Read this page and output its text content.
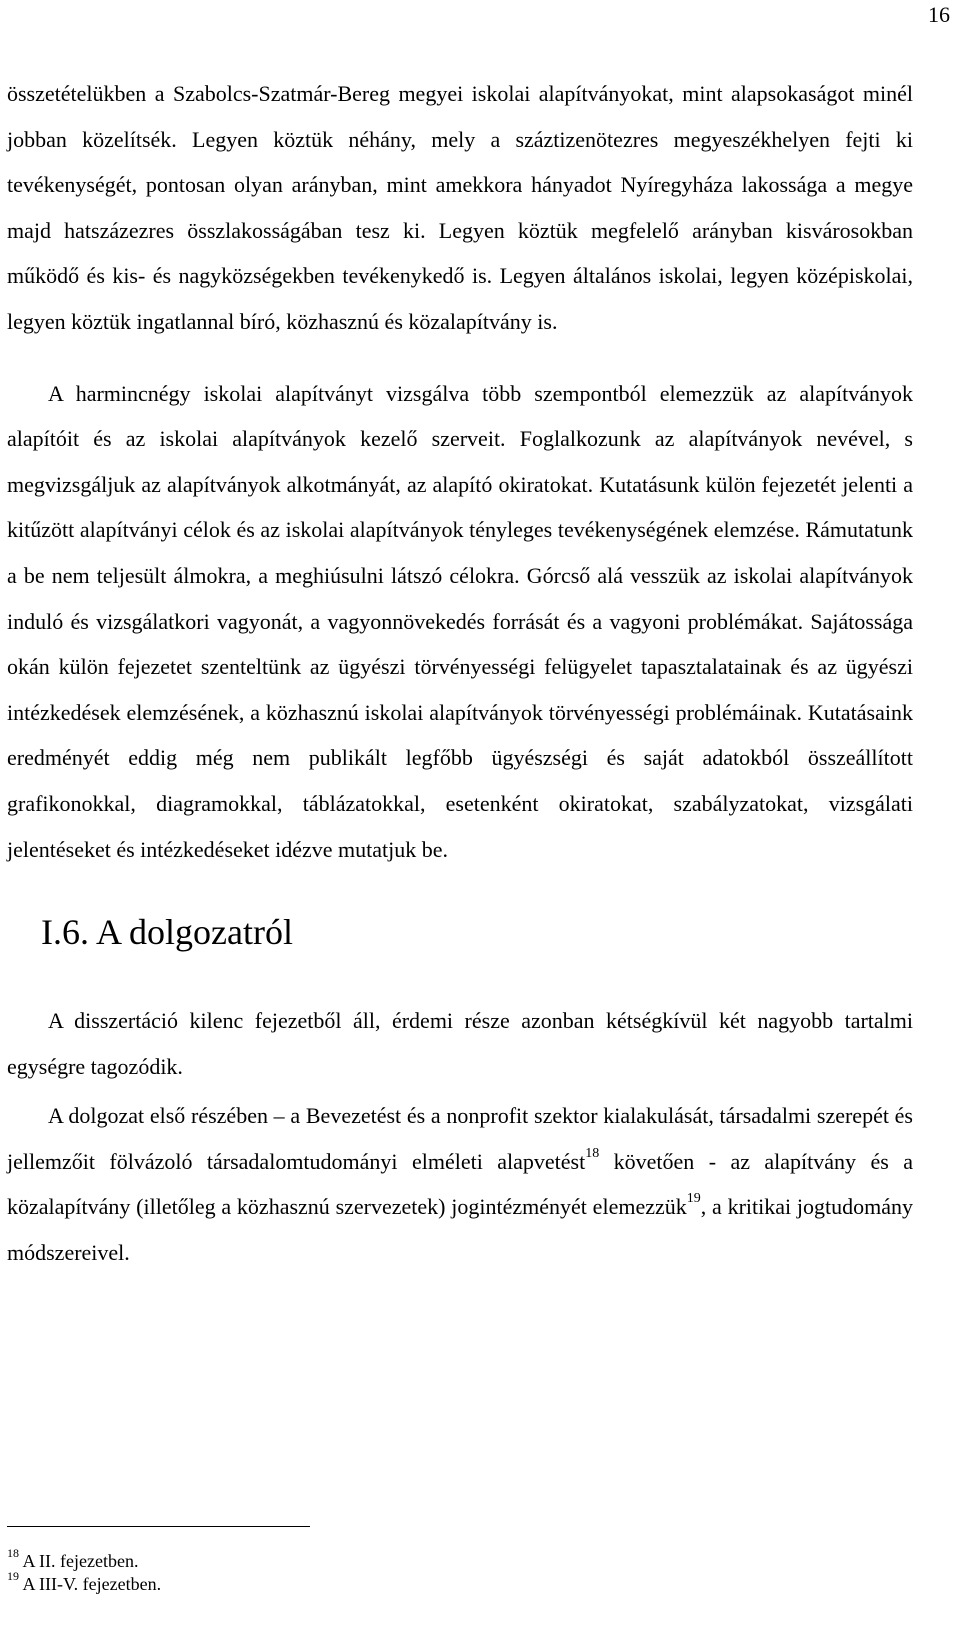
16

összetételükben a Szabolcs-Szatmár-Bereg megyei iskolai alapítványokat, mint alapsokaságot minél jobban közelítsék. Legyen köztük néhány, mely a száztizenötezres megyeszékhelyen fejti ki tevékenységét, pontosan olyan arányban, mint amekkora hányadot Nyíregyháza lakossága a megye majd hatszázezres összlakosságában tesz ki. Legyen köztük megfelelő arányban kisvárosokban működő és kis- és nagyközségekben tevékenykedő is. Legyen általános iskolai, legyen középiskolai, legyen köztük ingatlannal bíró, közhasznú és közalapítvány is.

A harmincnégy iskolai alapítványt vizsgálva több szempontból elemezzük az alapítványok alapítóit és az iskolai alapítványok kezelő szerveit. Foglalkozunk az alapítványok nevével, s megvizsgáljuk az alapítványok alkotmányát, az alapító okiratokat. Kutatásunk külön fejezetét jelenti a kitűzött alapítványi célok és az iskolai alapítványok tényleges tevékenységének elemzése. Rámutatunk a be nem teljesült álmokra, a meghiúsulni látszó célokra. Górcső alá vesszük az iskolai alapítványok induló és vizsgálatkori vagyonát, a vagyonnövekedés forrását és a vagyoni problémákat. Sajátossága okán külön fejezetet szenteltünk az ügyészi törvényességi felügyelet tapasztalatainak és az ügyészi intézkedések elemzésének, a közhasznú iskolai alapítványok törvényességi problémáinak. Kutatásaink eredményét eddig még nem publikált legfőbb ügyészségi és saját adatokból összeállított grafikonokkal, diagramokkal, táblázatokkal, esetenként okiratokat, szabályzatokat, vizsgálati jelentéseket és intézkedéseket idézve mutatjuk be.

I.6. A dolgozatról

A disszertáció kilenc fejezetből áll, érdemi része azonban kétségkívül két nagyobb tartalmi egységre tagozódik.

A dolgozat első részében – a Bevezetést és a nonprofit szektor kialakulását, társadalmi szerepét és jellemzőit fölvázoló társadalomtudományi elméleti alapvetést$^{18}$ követően - az alapítvány és a közalapítvány (illetőleg a közhasznú szervezetek) jogintézményét elemezzük$^{19}$, a kritikai jogtudomány módszereivel.

$^{18}$ A II. fejezetben.

$^{19}$ A III-V. fejezetben.
